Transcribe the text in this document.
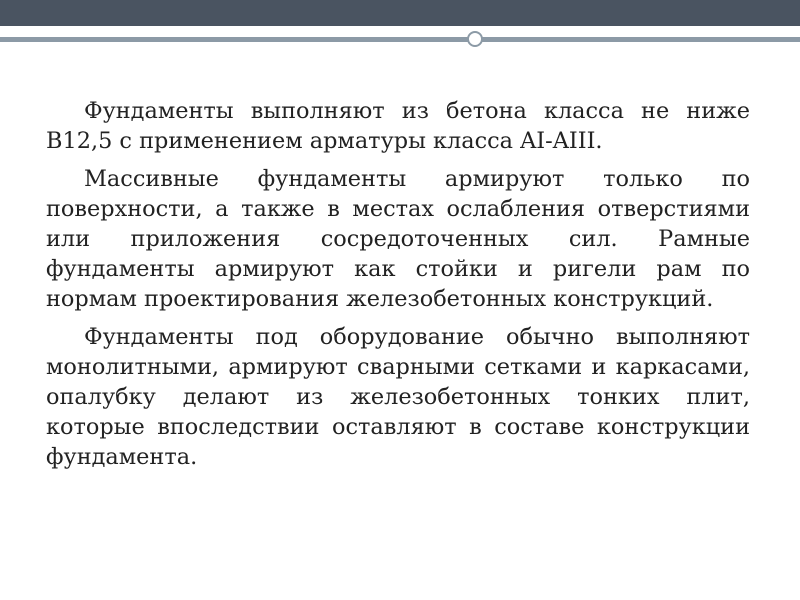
Фундаменты выполняют из бетона класса не ниже B12,5 с применением арматуры класса AI-AIII.

Массивные фундаменты армируют только по поверхности, а также в местах ослабления отверстиями или приложения сосредоточенных сил. Рамные фундаменты армируют как стойки и ригели рам по нормам проектирования железобетонных конструкций.

Фундаменты под оборудование обычно выполняют монолитными, армируют сварными сетками и каркасами, опалубку делают из железобетонных тонких плит, которые впоследствии оставляют в составе конструкции фундамента.
